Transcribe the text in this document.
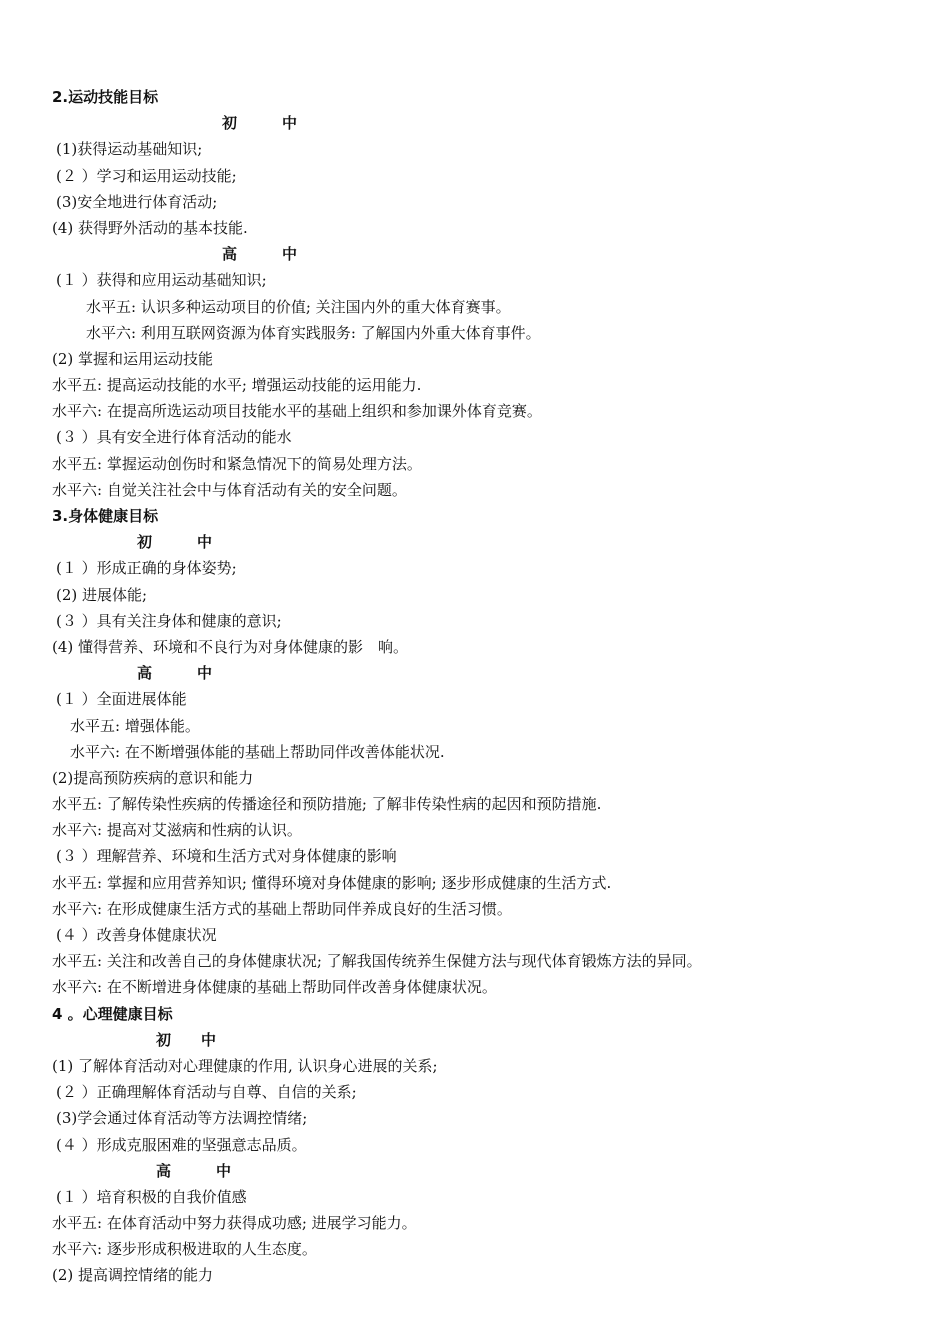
2.运动技能目标
初　　　中
(1)获得运动基础知识;
(２ ）学习和运用运动技能;
(3)安全地进行体育活动;
(4) 获得野外活动的基本技能.
高　　　中
(１ ）获得和应用运动基础知识;
水平五: 认识多种运动项目的价值; 关注国内外的重大体育赛事。
水平六: 利用互联网资源为体育实践服务: 了解国内外重大体育事件。
(2) 掌握和运用运动技能
水平五: 提高运动技能的水平; 增强运动技能的运用能力.
水平六: 在提高所选运动项目技能水平的基础上组织和参加课外体育竞赛。
(３ ）具有安全进行体育活动的能水
水平五: 掌握运动创伤时和紧急情况下的简易处理方法。
水平六: 自觉关注社会中与体育活动有关的安全问题。
3.身体健康目标
初　　　中
(１ ）形成正确的身体姿势;
(2) 进展体能;
(３ ）具有关注身体和健康的意识;
(4) 懂得营养、环境和不良行为对身体健康的影　响。
高　　　中
(１ ）全面进展体能
水平五: 增强体能。
水平六: 在不断增强体能的基础上帮助同伴改善体能状况.
(2)提高预防疾病的意识和能力
水平五: 了解传染性疾病的传播途径和预防措施; 了解非传染性病的起因和预防措施.
水平六: 提高对艾滋病和性病的认识。
(３ ）理解营养、环境和生活方式对身体健康的影响
水平五: 掌握和应用营养知识; 懂得环境对身体健康的影响; 逐步形成健康的生活方式.
水平六: 在形成健康生活方式的基础上帮助同伴养成良好的生活习惯。
(４ ）改善身体健康状况
水平五: 关注和改善自己的身体健康状况; 了解我国传统养生保健方法与现代体育锻炼方法的异同。
水平六: 在不断增进身体健康的基础上帮助同伴改善身体健康状况。
4 。心理健康目标
初　　中
(1) 了解体育活动对心理健康的作用, 认识身心进展的关系;
(２ ）正确理解体育活动与自尊、自信的关系;
(3)学会通过体育活动等方法调控情绪;
(４ ）形成克服困难的坚强意志品质。
高　　　中
(１ ）培育积极的自我价值感
水平五: 在体育活动中努力获得成功感; 进展学习能力。
水平六: 逐步形成积极进取的人生态度。
(2) 提高调控情绪的能力
